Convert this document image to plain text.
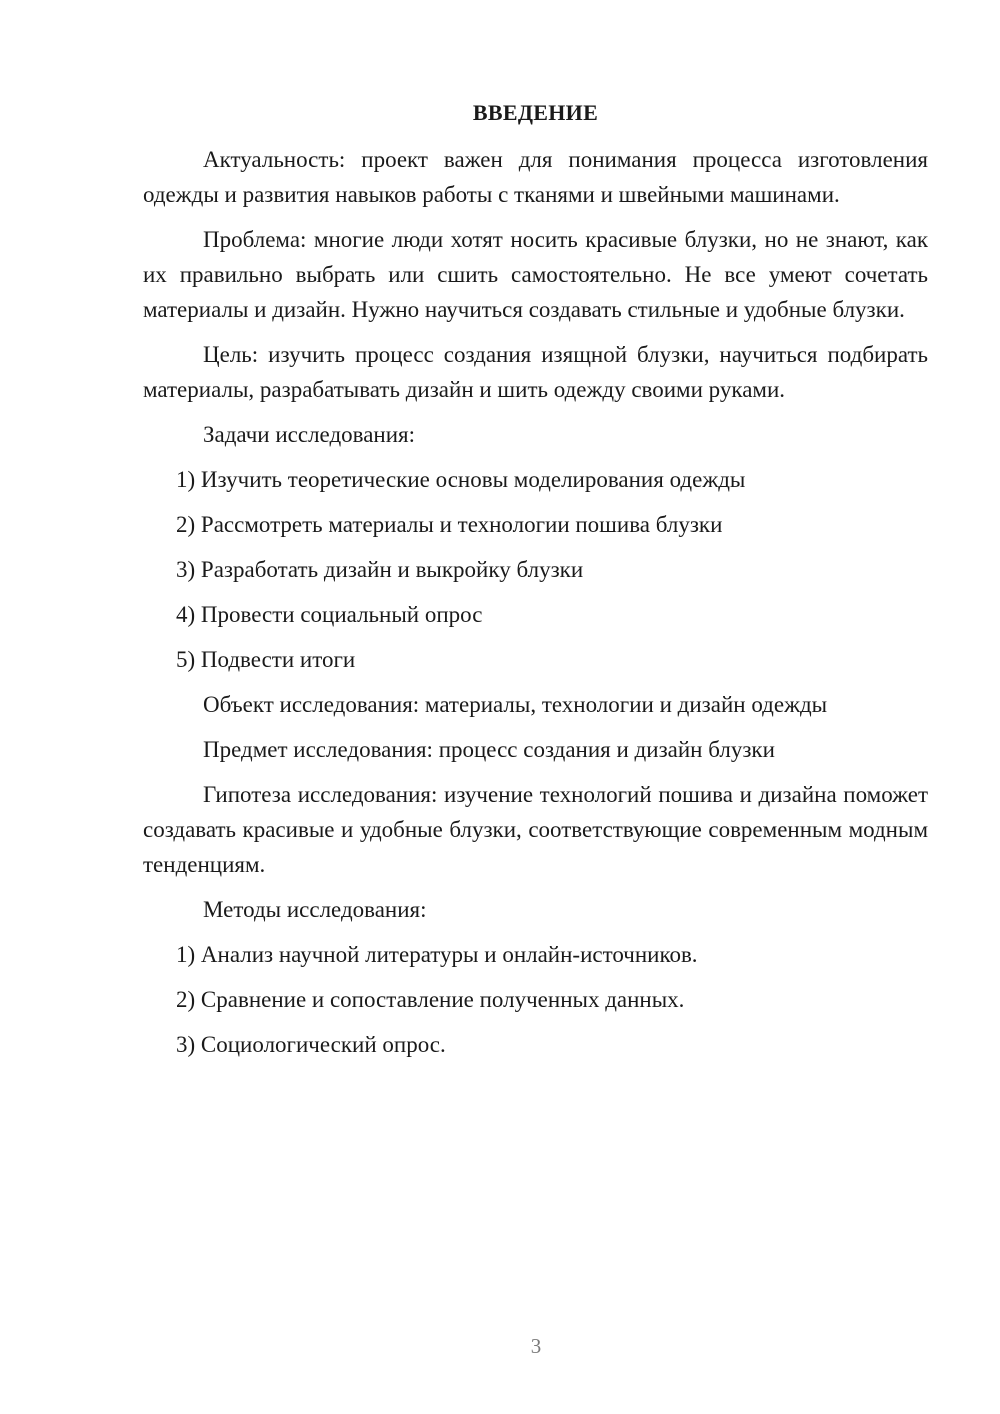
ВВЕДЕНИЕ

Актуальность: проект важен для понимания процесса изготовления одежды и развития навыков работы с тканями и швейными машинами.

Проблема: многие люди хотят носить красивые блузки, но не знают, как их правильно выбрать или сшить самостоятельно. Не все умеют сочетать материалы и дизайн. Нужно научиться создавать стильные и удобные блузки.

Цель: изучить процесс создания изящной блузки, научиться подбирать материалы, разрабатывать дизайн и шить одежду своими руками.

Задачи исследования:

1) Изучить теоретические основы моделирования одежды
2) Рассмотреть материалы и технологии пошива блузки
3) Разработать дизайн и выкройку блузки
4) Провести социальный опрос
5) Подвести итоги

Объект исследования: материалы, технологии и дизайн одежды

Предмет исследования: процесс создания и дизайн блузки

Гипотеза исследования: изучение технологий пошива и дизайна поможет создавать красивые и удобные блузки, соответствующие современным модным тенденциям.

Методы исследования:

1) Анализ научной литературы и онлайн-источников.
2) Сравнение и сопоставление полученных данных.
3) Социологический опрос.
3
